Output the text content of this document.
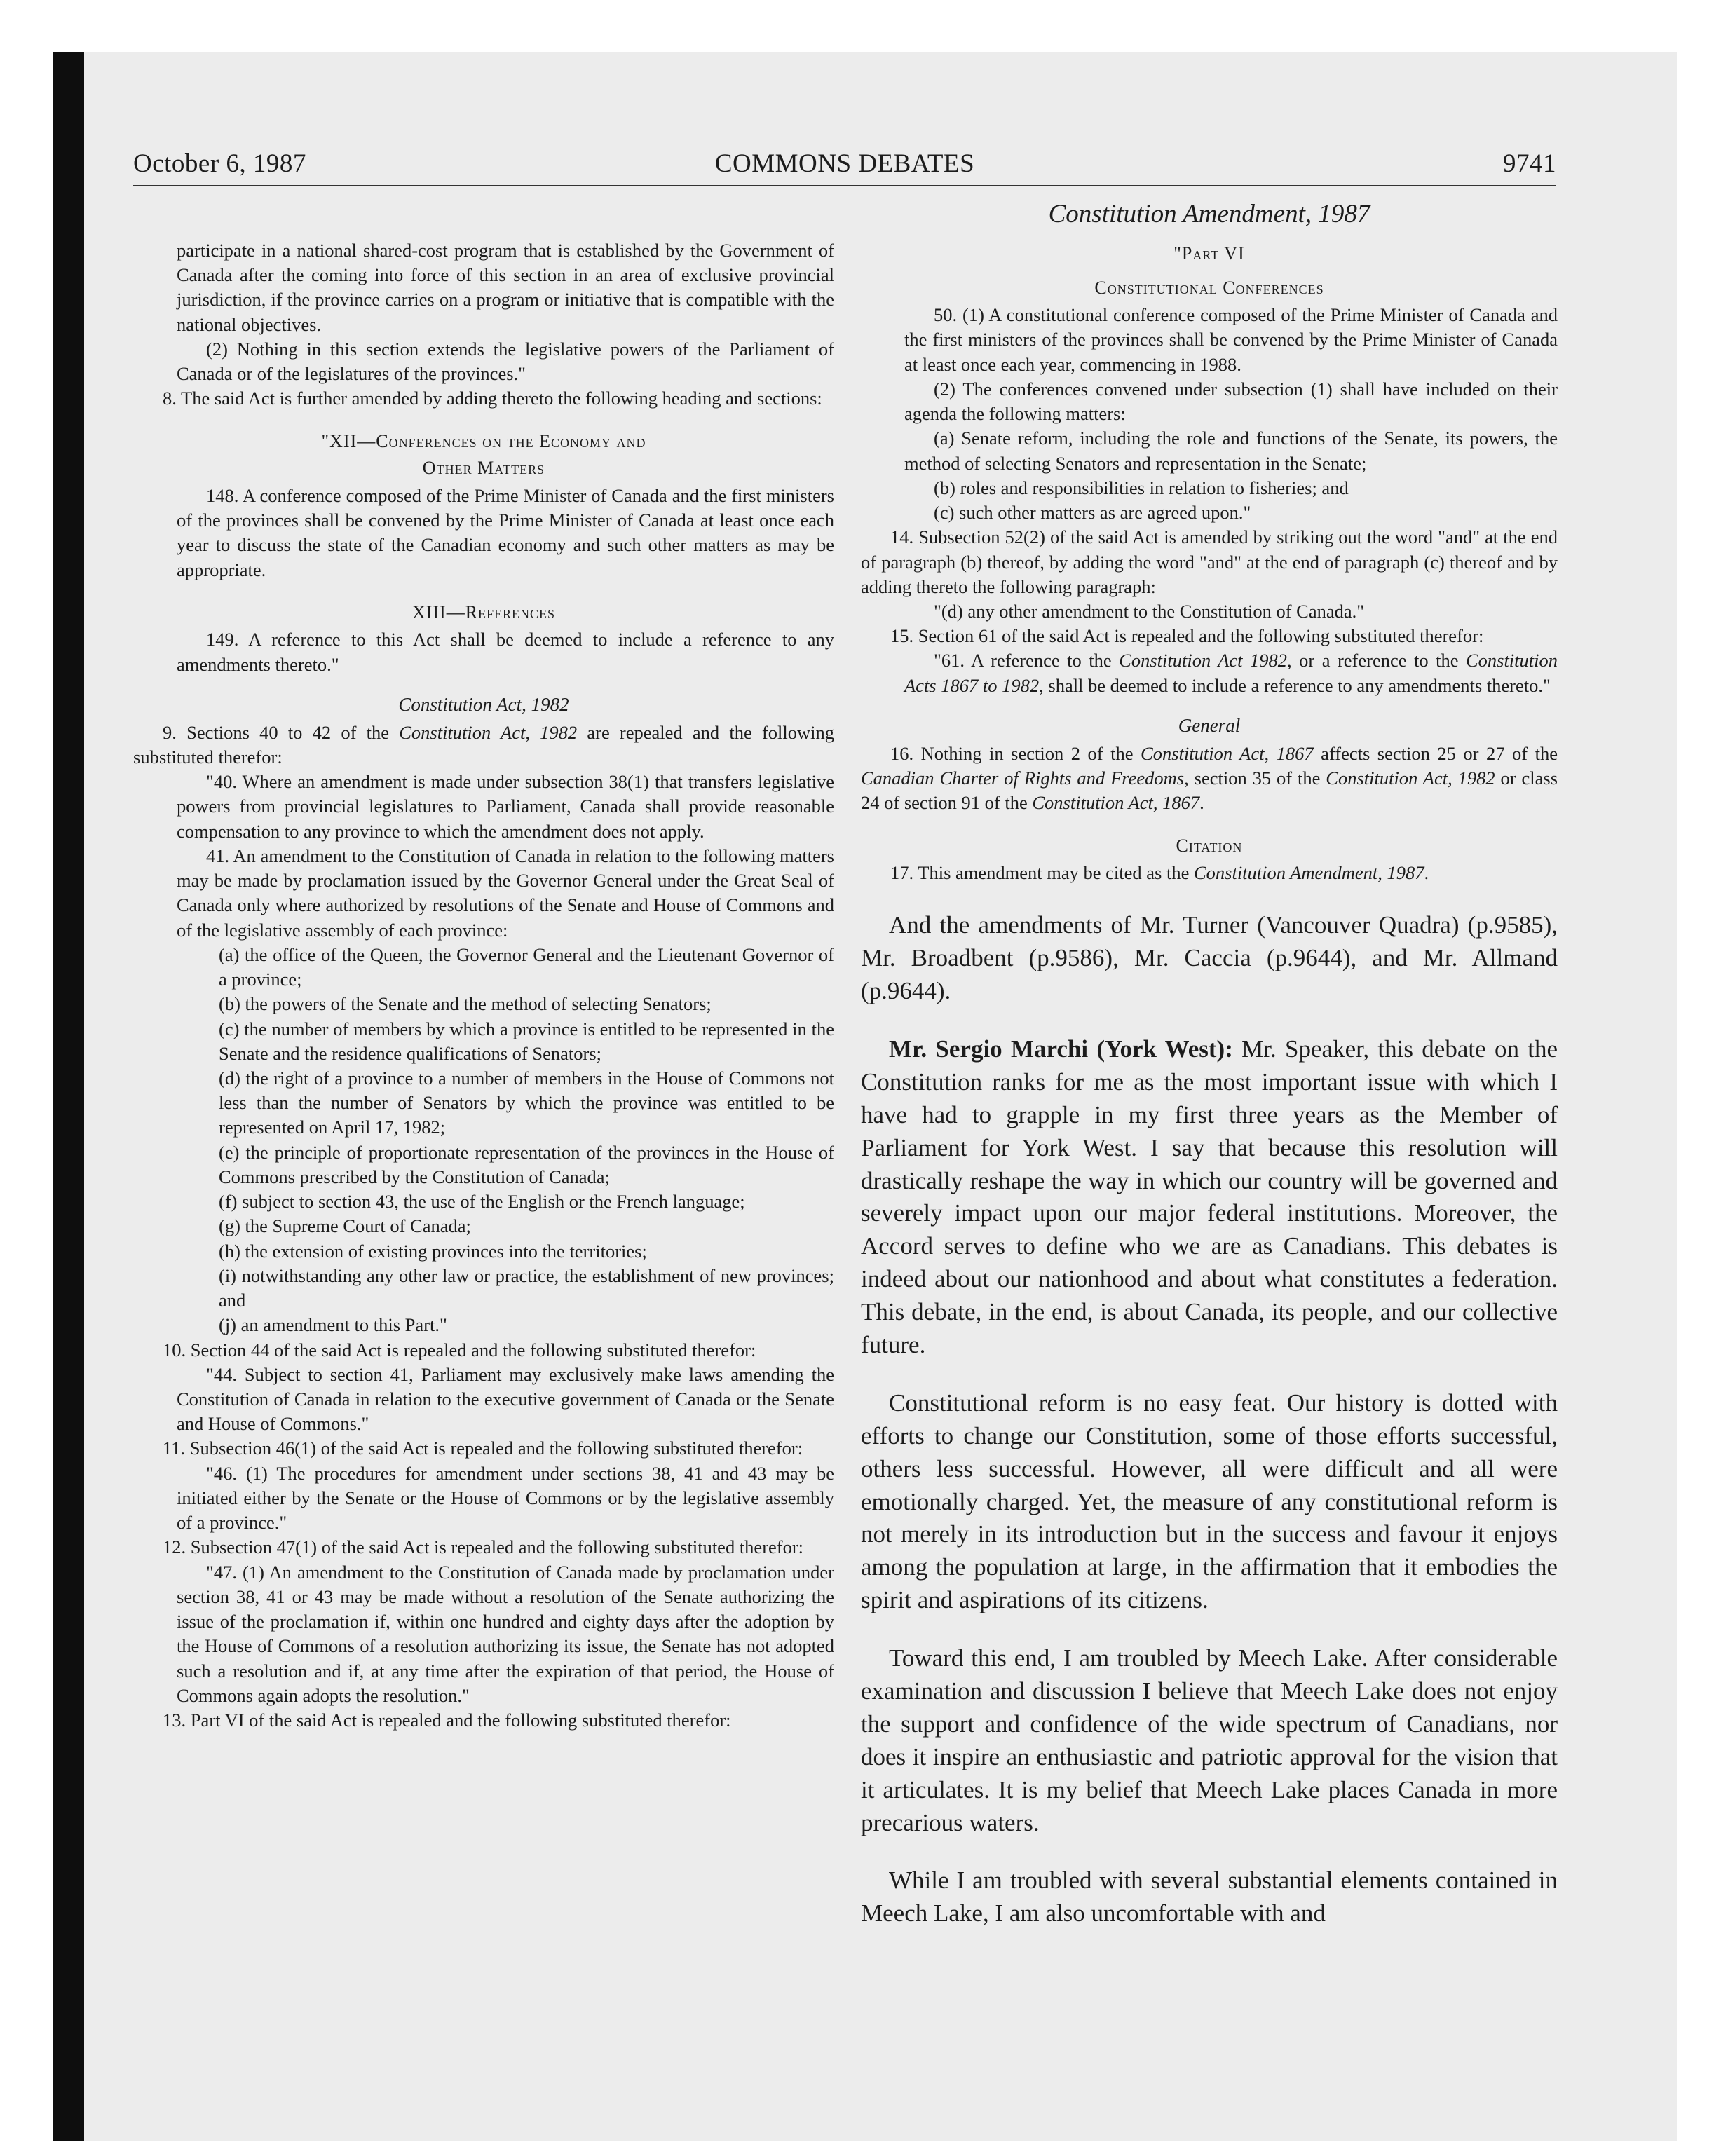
COMMONS DEBATES
October 6, 1987	9741

participate in a national shared-cost program that is established by the Government of Canada after the coming into force of this section in an area of exclusive provincial jurisdiction, if the province carries on a program or initiative that is compatible with the national objectives.

(2) Nothing in this section extends the legislative powers of the Parliament of Canada or of the legislatures of the provinces."

8. The said Act is further amended by adding thereto the following heading and sections:

"XII—Conferences on the Economy and
Other Matters

148. A conference composed of the Prime Minister of Canada and the first ministers of the provinces shall be convened by the Prime Minister of Canada at least once each year to discuss the state of the Canadian economy and such other matters as may be appropriate.

XIII—References

149. A reference to this Act shall be deemed to include a reference to any amendments thereto."

Constitution Act, 1982

9. Sections 40 to 42 of the Constitution Act, 1982 are repealed and the following substituted therefor:

"40. Where an amendment is made under subsection 38(1) that transfers legislative powers from provincial legislatures to Parliament, Canada shall provide reasonable compensation to any province to which the amendment does not apply.

41. An amendment to the Constitution of Canada in relation to the following matters may be made by proclamation issued by the Governor General under the Great Seal of Canada only where authorized by resolutions of the Senate and House of Commons and of the legislative assembly of each province:

(a) the office of the Queen, the Governor General and the Lieutenant Governor of a province;

(b) the powers of the Senate and the method of selecting Senators;

(c) the number of members by which a province is entitled to be represented in the Senate and the residence qualifications of Senators;

(d) the right of a province to a number of members in the House of Commons not less than the number of Senators by which the province was entitled to be represented on April 17, 1982;

(e) the principle of proportionate representation of the provinces in the House of Commons prescribed by the Constitution of Canada;

(f) subject to section 43, the use of the English or the French language;

(g) the Supreme Court of Canada;

(h) the extension of existing provinces into the territories;

(i) notwithstanding any other law or practice, the establishment of new provinces; and

(j) an amendment to this Part."

10. Section 44 of the said Act is repealed and the following substituted therefor:

"44. Subject to section 41, Parliament may exclusively make laws amending the Constitution of Canada in relation to the executive government of Canada or the Senate and House of Commons."

11. Subsection 46(1) of the said Act is repealed and the following substituted therefor:

"46. (1) The procedures for amendment under sections 38, 41 and 43 may be initiated either by the Senate or the House of Commons or by the legislative assembly of a province."

12. Subsection 47(1) of the said Act is repealed and the following substituted therefor:

"47. (1) An amendment to the Constitution of Canada made by proclamation under section 38, 41 or 43 may be made without a resolution of the Senate authorizing the issue of the proclamation if, within one hundred and eighty days after the adoption by the House of Commons of a resolution authorizing its issue, the Senate has not adopted such a resolution and if, at any time after the expiration of that period, the House of Commons again adopts the resolution."

13. Part VI of the said Act is repealed and the following substituted therefor:

Constitution Amendment, 1987
"Part VI
Constitutional Conferences

50. (1) A constitutional conference composed of the Prime Minister of Canada and the first ministers of the provinces shall be convened by the Prime Minister of Canada at least once each year, commencing in 1988.

(2) The conferences convened under subsection (1) shall have included on their agenda the following matters:

(a) Senate reform, including the role and functions of the Senate, its powers, the method of selecting Senators and representation in the Senate;

(b) roles and responsibilities in relation to fisheries; and

(c) such other matters as are agreed upon."

14. Subsection 52(2) of the said Act is amended by striking out the word "and" at the end of paragraph (b) thereof, by adding the word "and" at the end of paragraph (c) thereof and by adding thereto the following paragraph:

"(d) any other amendment to the Constitution of Canada."

15. Section 61 of the said Act is repealed and the following substituted therefor:

"61. A reference to the Constitution Act 1982, or a reference to the Constitution Acts 1867 to 1982, shall be deemed to include a reference to any amendments thereto."

General

16. Nothing in section 2 of the Constitution Act, 1867 affects section 25 or 27 of the Canadian Charter of Rights and Freedoms, section 35 of the Constitution Act, 1982 or class 24 of section 91 of the Constitution Act, 1867.

Citation

17. This amendment may be cited as the Constitution Amendment, 1987.

And the amendments of Mr. Turner (Vancouver Quadra) (p.9585), Mr. Broadbent (p.9586), Mr. Caccia (p.9644), and Mr. Allmand (p.9644).

Mr. Sergio Marchi (York West): Mr. Speaker, this debate on the Constitution ranks for me as the most important issue with which I have had to grapple in my first three years as the Member of Parliament for York West. I say that because this resolution will drastically reshape the way in which our country will be governed and severely impact upon our major federal institutions. Moreover, the Accord serves to define who we are as Canadians. This debates is indeed about our nationhood and about what constitutes a federation. This debate, in the end, is about Canada, its people, and our collective future.

Constitutional reform is no easy feat. Our history is dotted with efforts to change our Constitution, some of those efforts successful, others less successful. However, all were difficult and all were emotionally charged. Yet, the measure of any constitutional reform is not merely in its introduction but in the success and favour it enjoys among the population at large, in the affirmation that it embodies the spirit and aspirations of its citizens.

Toward this end, I am troubled by Meech Lake. After considerable examination and discussion I believe that Meech Lake does not enjoy the support and confidence of the wide spectrum of Canadians, nor does it inspire an enthusiastic and patriotic approval for the vision that it articulates. It is my belief that Meech Lake places Canada in more precarious waters.

While I am troubled with several substantial elements contained in Meech Lake, I am also uncomfortable with and
